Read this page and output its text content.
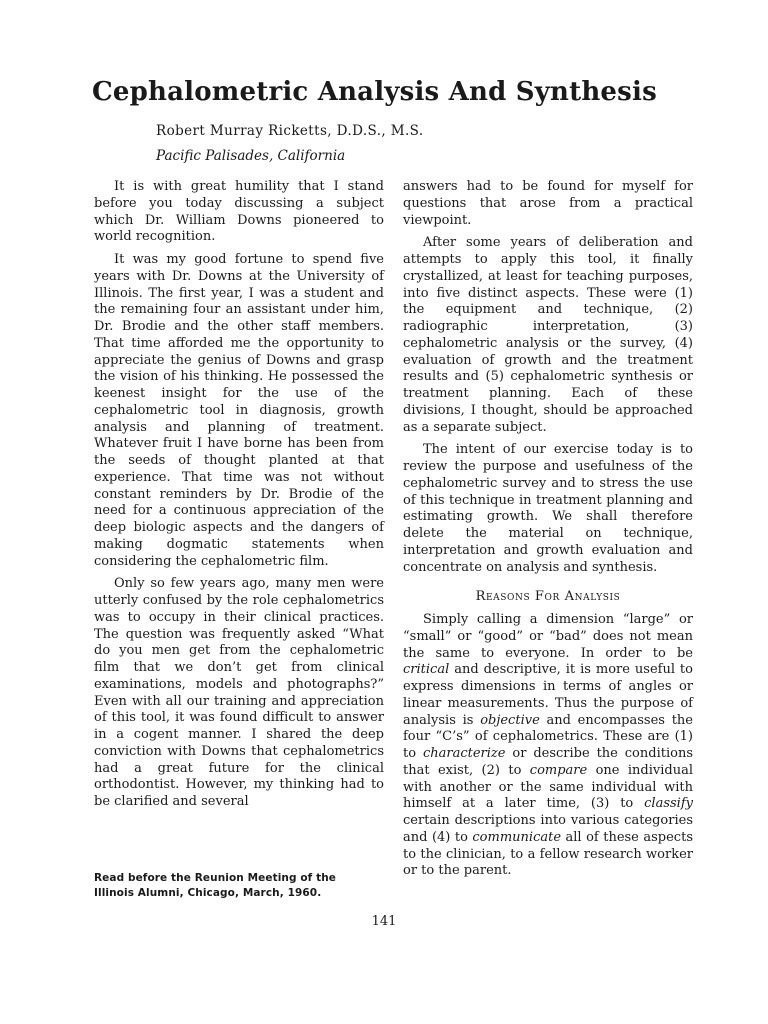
Cephalometric Analysis And Synthesis
Robert Murray Ricketts, D.D.S., M.S.
Pacific Palisades, California

It is with great humility that I stand before you today discussing a subject which Dr. William Downs pioneered to world recognition.

It was my good fortune to spend five years with Dr. Downs at the University of Illinois. The first year, I was a student and the remaining four an assistant under him, Dr. Brodie and the other staff members. That time afforded me the opportunity to appreciate the genius of Downs and grasp the vision of his thinking. He possessed the keenest insight for the use of the cephalometric tool in diagnosis, growth analysis and planning of treatment. Whatever fruit I have borne has been from the seeds of thought planted at that experience. That time was not without constant reminders by Dr. Brodie of the need for a continuous appreciation of the deep biologic aspects and the dangers of making dogmatic statements when considering the cephalometric film.

Only so few years ago, many men were utterly confused by the role cephalometrics was to occupy in their clinical practices. The question was frequently asked “What do you men get from the cephalometric film that we don’t get from clinical examinations, models and photographs?” Even with all our training and appreciation of this tool, it was found difficult to answer in a cogent manner. I shared the deep conviction with Downs that cephalometrics had a great future for the clinical orthodontist. However, my thinking had to be clarified and several

answers had to be found for myself for questions that arose from a practical viewpoint.

After some years of deliberation and attempts to apply this tool, it finally crystallized, at least for teaching purposes, into five distinct aspects. These were (1) the equipment and technique, (2) radiographic interpretation, (3) cephalometric analysis or the survey, (4) evaluation of growth and the treatment results and (5) cephalometric synthesis or treatment planning. Each of these divisions, I thought, should be approached as a separate subject.

The intent of our exercise today is to review the purpose and usefulness of the cephalometric survey and to stress the use of this technique in treatment planning and estimating growth. We shall therefore delete the material on technique, interpretation and growth evaluation and concentrate on analysis and synthesis.

Reasons For Analysis

Simply calling a dimension “large” or “small” or “good” or “bad” does not mean the same to everyone. In order to be critical and descriptive, it is more useful to express dimensions in terms of angles or linear measurements. Thus the purpose of analysis is objective and encompasses the four “C’s” of cephalometrics. These are (1) to characterize or describe the conditions that exist, (2) to compare one individual with another or the same individual with himself at a later time, (3) to classify certain descriptions into various categories and (4) to communicate all of these aspects to the clinician, to a fellow research worker or to the parent.

Read before the Reunion Meeting of the
Illinois Alumni, Chicago, March, 1960.
141
